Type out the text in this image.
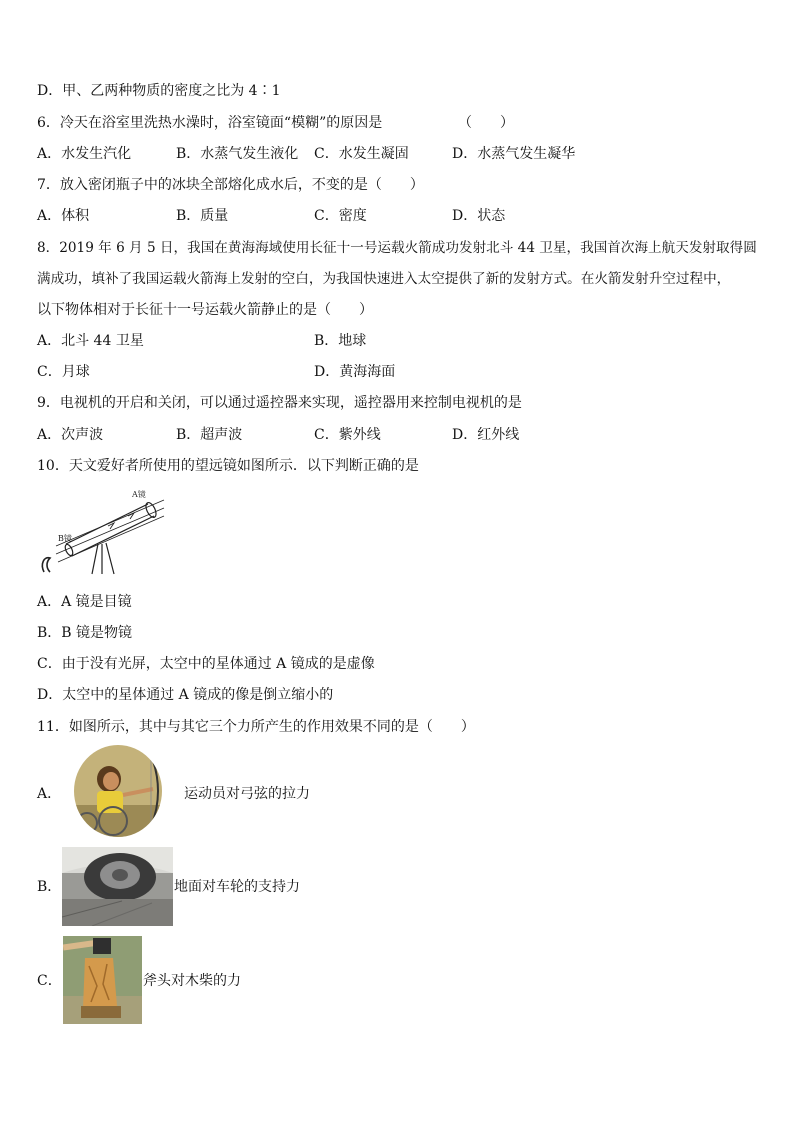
D．甲、乙两种物质的密度之比为 4∶1
6．冷天在浴室里洗热水澡时，浴室镜面“模糊”的原因是	（　　）
A．水发生汽化	B．水蒸气发生液化 C．水发生凝固	D．水蒸气发生凝华
7．放入密闭瓶子中的冰块全部熔化成水后，不变的是（　　）
A．体积	B．质量	C．密度	D．状态
8．2019 年 6 月 5 日，我国在黄海海域使用长征十一号运载火箭成功发射北斗 44 卫星，我国首次海上航天发射取得圆
满成功，填补了我国运载火箭海上发射的空白，为我国快速进入太空提供了新的发射方式。在火箭发射升空过程中，
以下物体相对于长征十一号运载火箭静止的是（　　）
A．北斗 44 卫星	B．地球
C．月球	D．黄海海面
9．电视机的开启和关闭，可以通过遥控器来实现，遥控器用来控制电视机的是
A．次声波	B．超声波	C．紫外线	D．红外线
10．天文爱好者所使用的望远镜如图所示．以下判断正确的是
A镜
B镜
A．A 镜是目镜
B．B 镜是物镜
C．由于没有光屏，太空中的星体通过 A 镜成的是虚像
D．太空中的星体通过 A 镜成的像是倒立缩小的
11．如图所示，其中与其它三个力所产生的作用效果不同的是（　　）
A．	运动员对弓弦的拉力
B．	地面对车轮的支持力
C．	斧头对木柴的力
